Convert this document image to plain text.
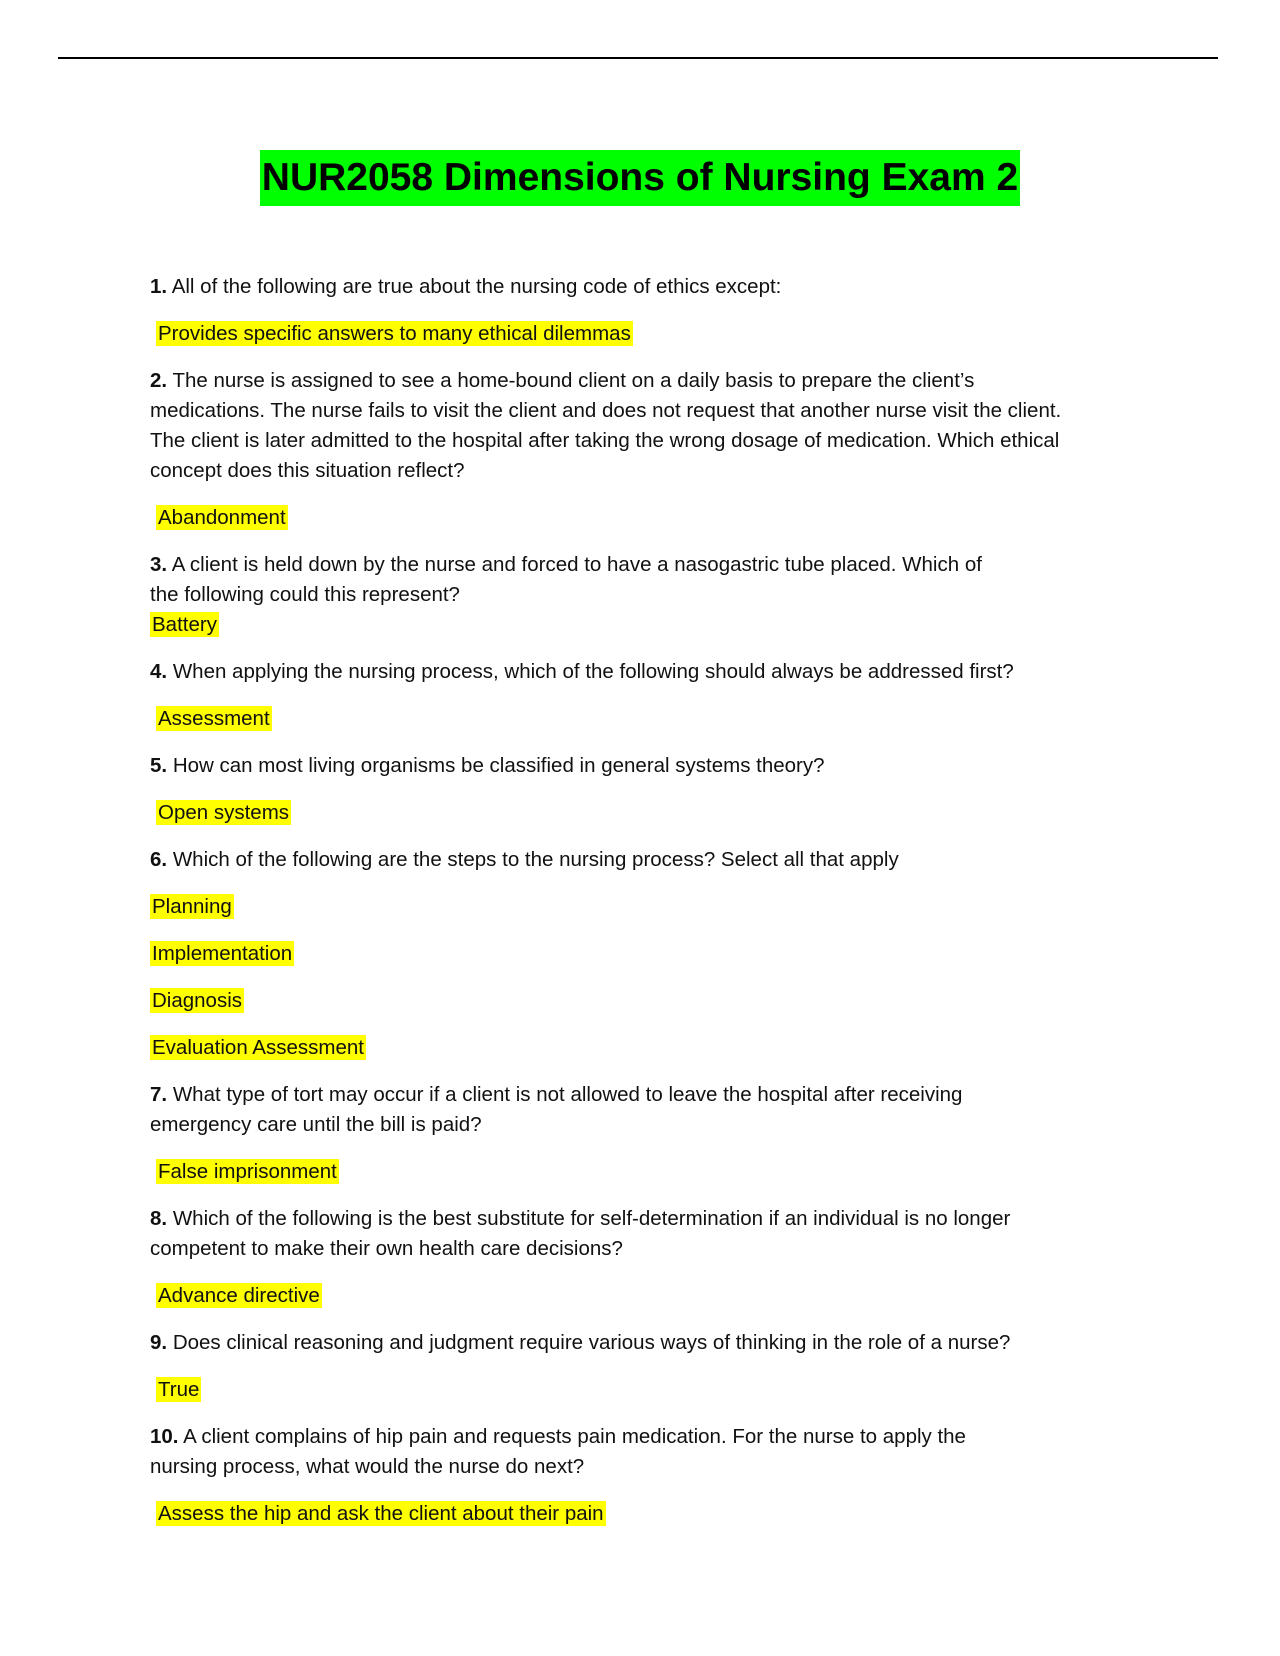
NUR2058 Dimensions of Nursing Exam 2
1. All of the following are true about the nursing code of ethics except:
Provides specific answers to many ethical dilemmas
2. The nurse is assigned to see a home-bound client on a daily basis to prepare the client’s medications. The nurse fails to visit the client and does not request that another nurse visit the client. The client is later admitted to the hospital after taking the wrong dosage of medication. Which ethical concept does this situation reflect?
Abandonment
3. A client is held down by the nurse and forced to have a nasogastric tube placed. Which of the following could this represent?
Battery
4. When applying the nursing process, which of the following should always be addressed first?
Assessment
5. How can most living organisms be classified in general systems theory?
Open systems
6. Which of the following are the steps to the nursing process? Select all that apply
Planning
Implementation
Diagnosis
Evaluation Assessment
7. What type of tort may occur if a client is not allowed to leave the hospital after receiving emergency care until the bill is paid?
False imprisonment
8. Which of the following is the best substitute for self-determination if an individual is no longer competent to make their own health care decisions?
Advance directive
9. Does clinical reasoning and judgment require various ways of thinking in the role of a nurse?
True
10. A client complains of hip pain and requests pain medication. For the nurse to apply the nursing process, what would the nurse do next?
Assess the hip and ask the client about their pain
